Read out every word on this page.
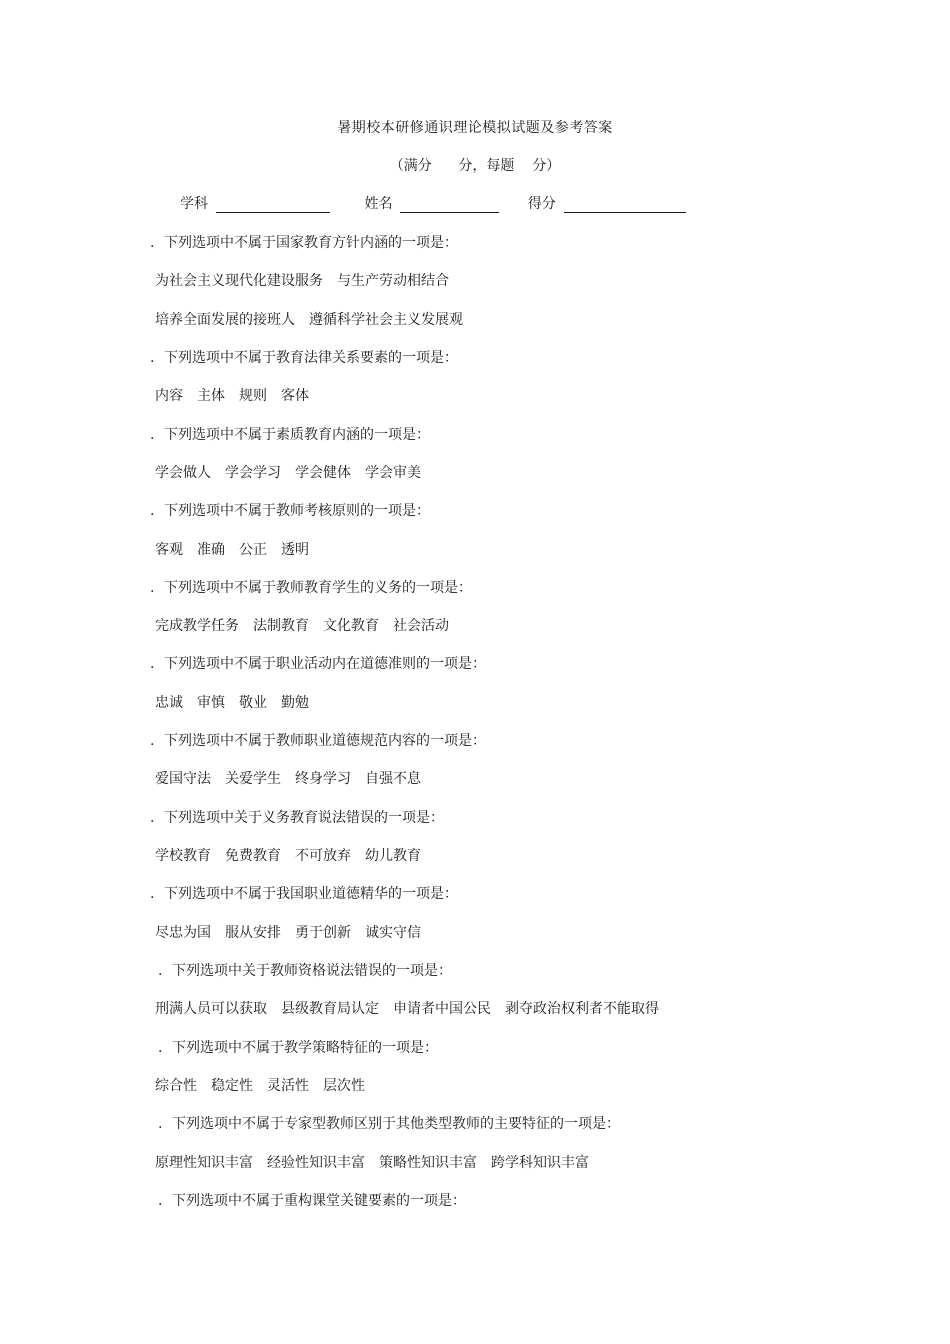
暑期校本研修通识理论模拟试题及参考答案
（满分      分，每题    分）
学科	姓名	得分
. 下列选项中不属于国家教育方针内涵的一项是：
为社会主义现代化建设服务 与生产劳动相结合
培养全面发展的接班人 遵循科学社会主义发展观
. 下列选项中不属于教育法律关系要素的一项是：
内容 主体 规则 客体
. 下列选项中不属于素质教育内涵的一项是：
学会做人 学会学习 学会健体 学会审美
. 下列选项中不属于教师考核原则的一项是：
客观 准确 公正 透明
. 下列选项中不属于教师教育学生的义务的一项是：
完成教学任务 法制教育 文化教育 社会活动
. 下列选项中不属于职业活动内在道德准则的一项是：
忠诚 审慎 敬业 勤勉
. 下列选项中不属于教师职业道德规范内容的一项是：
爱国守法 关爱学生 终身学习 自强不息
. 下列选项中关于义务教育说法错误的一项是：
学校教育 免费教育 不可放弃 幼儿教育
. 下列选项中不属于我国职业道德精华的一项是：
尽忠为国 服从安排 勇于创新 诚实守信
. 下列选项中关于教师资格说法错误的一项是：
刑满人员可以获取 县级教育局认定 申请者中国公民 剥夺政治权利者不能取得
. 下列选项中不属于教学策略特征的一项是：
综合性 稳定性 灵活性 层次性
. 下列选项中不属于专家型教师区别于其他类型教师的主要特征的一项是：
原理性知识丰富 经验性知识丰富 策略性知识丰富 跨学科知识丰富
. 下列选项中不属于重构课堂关键要素的一项是：
